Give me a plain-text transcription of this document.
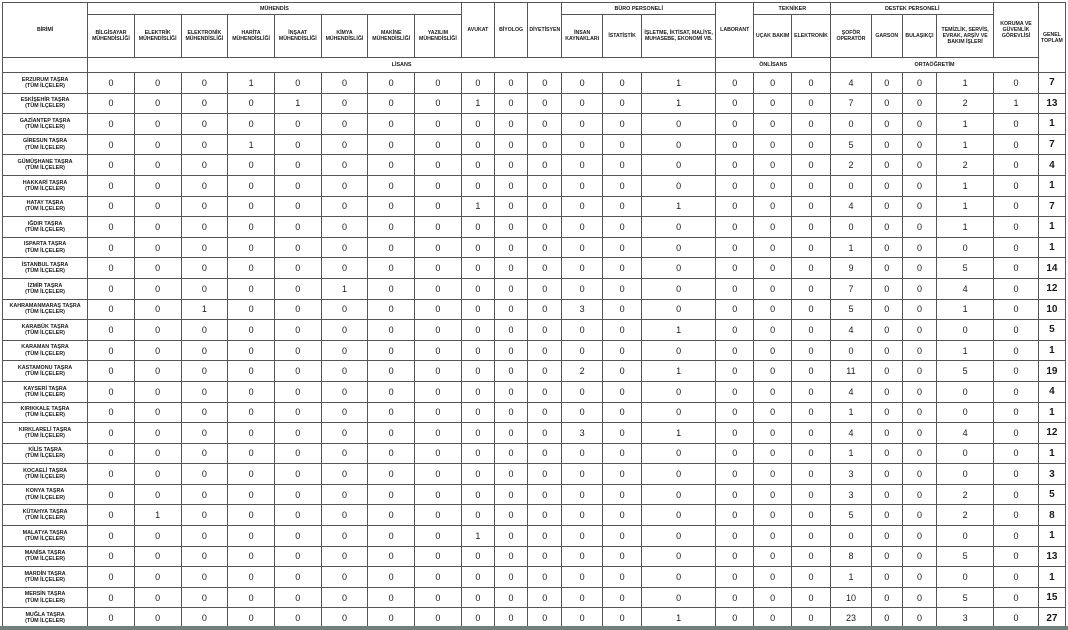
BİRİMİ	MÜHENDİS								AVUKAT	BİYOLOG	DİYETİSYEN	BÜRO PERSONELİ			LABORANT	TEKNİKER		DESTEK PERSONELİ				KORUMA VE GÜVENLİK GÖREVLİSİ	GENEL TOPLAM
	BİLGİSAYAR MÜHENDİSLİĞİ	ELEKTRİK MÜHENDİSLİĞİ	ELEKTRONİK MÜHENDİSLİĞİ	HARİTA MÜHENDİSLİĞİ	İNŞAAT MÜHENDİSLİĞİ	KİMYA MÜHENDİSLİĞİ	MAKİNE MÜHENDİSLİĞİ	YAZILIM MÜHENDİSLİĞİ				İNSAN KAYNAKLARI	İSTATİSTİK	İŞLETME, İKTİSAT, MALİYE, MUHASEBE, EKONOMİ VB.		UÇAK BAKIM	ELEKTRONİK	ŞOFÖR OPERATÖR	GARSON	BULAŞIKÇI	TEMİZLİK, SERVİS, EVRAK, ARŞİV VE BAKIM İŞLERİ		
	LİSANS														ÖNLİSANS			ORTAÖĞRETİM					

ERZURUM TAŞRA
(TÜM İLÇELER)	0	0	0	1	0	0	0	0	0	0	0	0	0	1	0	0	0	4	0	0	1	0	7

ESKİŞEHİR TAŞRA
(TÜM İLÇELER)	0	0	0	0	1	0	0	0	1	0	0	0	0	1	0	0	0	7	0	0	2	1	13

GAZİANTEP TAŞRA
(TÜM İLÇELER)	0	0	0	0	0	0	0	0	0	0	0	0	0	0	0	0	0	0	0	0	1	0	1

GİRESUN TAŞRA
(TÜM İLÇELER)	0	0	0	1	0	0	0	0	0	0	0	0	0	0	0	0	0	5	0	0	1	0	7

GÜMÜŞHANE TAŞRA
(TÜM İLÇELER)	0	0	0	0	0	0	0	0	0	0	0	0	0	0	0	0	0	2	0	0	2	0	4

HAKKARİ TAŞRA
(TÜM İLÇELER)	0	0	0	0	0	0	0	0	0	0	0	0	0	0	0	0	0	0	0	0	1	0	1

HATAY TAŞRA
(TÜM İLÇELER)	0	0	0	0	0	0	0	0	1	0	0	0	0	1	0	0	0	4	0	0	1	0	7

IĞDIR TAŞRA
(TÜM İLÇELER)	0	0	0	0	0	0	0	0	0	0	0	0	0	0	0	0	0	0	0	0	1	0	1

ISPARTA TAŞRA
(TÜM İLÇELER)	0	0	0	0	0	0	0	0	0	0	0	0	0	0	0	0	0	1	0	0	0	0	1

İSTANBUL TAŞRA
(TÜM İLÇELER)	0	0	0	0	0	0	0	0	0	0	0	0	0	0	0	0	0	9	0	0	5	0	14

İZMİR TAŞRA
(TÜM İLÇELER)	0	0	0	0	0	1	0	0	0	0	0	0	0	0	0	0	0	7	0	0	4	0	12

KAHRAMANMARAŞ TAŞRA
(TÜM İLÇELER)	0	0	1	0	0	0	0	0	0	0	0	3	0	0	0	0	0	5	0	0	1	0	10

KARABÜK TAŞRA
(TÜM İLÇELER)	0	0	0	0	0	0	0	0	0	0	0	0	0	1	0	0	0	4	0	0	0	0	5

KARAMAN TAŞRA
(TÜM İLÇELER)	0	0	0	0	0	0	0	0	0	0	0	0	0	0	0	0	0	0	0	0	1	0	1

KASTAMONU TAŞRA
(TÜM İLÇELER)	0	0	0	0	0	0	0	0	0	0	0	2	0	1	0	0	0	11	0	0	5	0	19

KAYSERİ TAŞRA
(TÜM İLÇELER)	0	0	0	0	0	0	0	0	0	0	0	0	0	0	0	0	0	4	0	0	0	0	4

KIRIKKALE TAŞRA
(TÜM İLÇELER)	0	0	0	0	0	0	0	0	0	0	0	0	0	0	0	0	0	1	0	0	0	0	1

KIRKLARELİ TAŞRA
(TÜM İLÇELER)	0	0	0	0	0	0	0	0	0	0	0	3	0	1	0	0	0	4	0	0	4	0	12

KİLİS TAŞRA
(TÜM İLÇELER)	0	0	0	0	0	0	0	0	0	0	0	0	0	0	0	0	0	1	0	0	0	0	1

KOCAELİ TAŞRA
(TÜM İLÇELER)	0	0	0	0	0	0	0	0	0	0	0	0	0	0	0	0	0	3	0	0	0	0	3

KONYA TAŞRA
(TÜM İLÇELER)	0	0	0	0	0	0	0	0	0	0	0	0	0	0	0	0	0	3	0	0	2	0	5

KÜTAHYA TAŞRA
(TÜM İLÇELER)	0	1	0	0	0	0	0	0	0	0	0	0	0	0	0	0	0	5	0	0	2	0	8

MALATYA TAŞRA
(TÜM İLÇELER)	0	0	0	0	0	0	0	0	1	0	0	0	0	0	0	0	0	0	0	0	0	0	1

MANİSA TAŞRA
(TÜM İLÇELER)	0	0	0	0	0	0	0	0	0	0	0	0	0	0	0	0	0	8	0	0	5	0	13

MARDİN TAŞRA
(TÜM İLÇELER)	0	0	0	0	0	0	0	0	0	0	0	0	0	0	0	0	0	1	0	0	0	0	1

MERSİN TAŞRA
(TÜM İLÇELER)	0	0	0	0	0	0	0	0	0	0	0	0	0	0	0	0	0	10	0	0	5	0	15

MUĞLA TAŞRA
(TÜM İLÇELER)	0	0	0	0	0	0	0	0	0	0	0	0	0	1	0	0	0	23	0	0	3	0	27
